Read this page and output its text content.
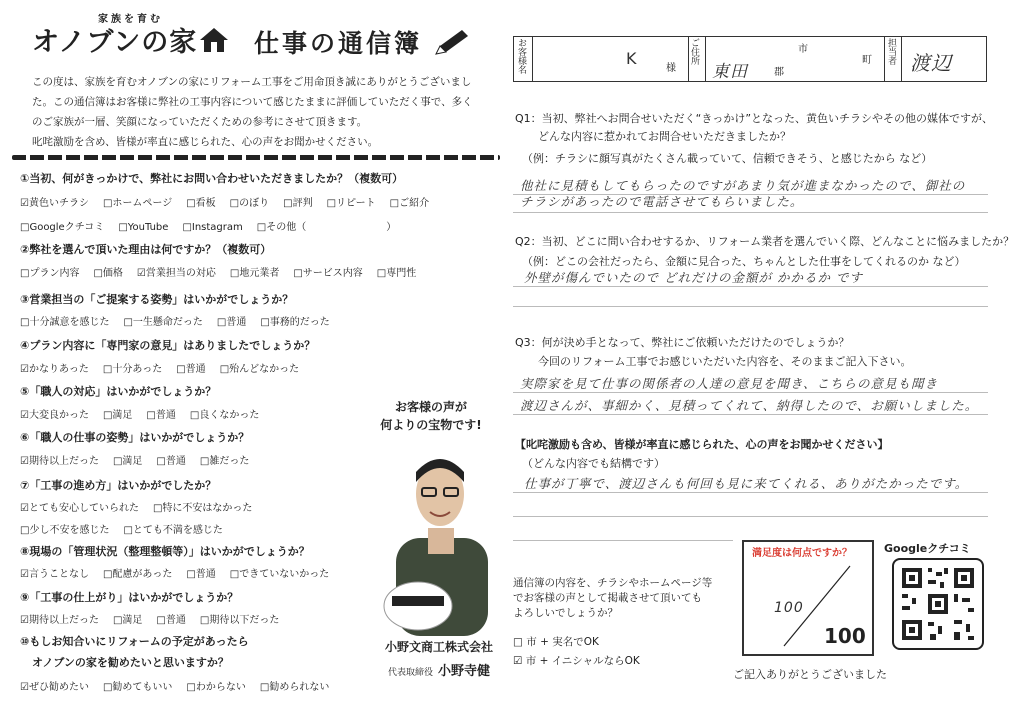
家族を育む
オノブンの家	仕事の通信簿
この度は、家族を育むオノブンの家にリフォーム工事をご用命頂き誠にありがとうございまし
た。この通信簿はお客様に弊社の工事内容について感じたままに評価していただく事で、多く
のご家族が一層、笑顔になっていただくための参考にさせて頂きます。
叱咤激励を含め、皆様が率直に感じられた、心の声をお聞かせください。
①当初、何がきっかけで、弊社にお問い合わせいただきましたか？（複数可）
☑黄色いチラシ □ホームページ □看板 □のぼり □評判 □リピート □ご紹介
□Googleクチコミ □YouTube □Instagram □その他（　　　　　　　　）
②弊社を選んで頂いた理由は何ですか？（複数可）
□プラン内容 □価格 ☑営業担当の対応 □地元業者 □サービス内容 □専門性
③営業担当の「ご提案する姿勢」はいかがでしょうか？
□十分誠意を感じた □一生懸命だった □普通 □事務的だった
④プラン内容に「専門家の意見」はありましたでしょうか？
☑かなりあった □十分あった □普通 □殆んどなかった
⑤「職人の対応」はいかがでしょうか？
☑大変良かった □満足 □普通 □良くなかった
⑥「職人の仕事の姿勢」はいかがでしょうか？
☑期待以上だった □満足 □普通 □雑だった
⑦「工事の進め方」はいかがでしたか？
☑とても安心していられた □特に不安はなかった
□少し不安を感じた □とても不満を感じた
⑧現場の「管理状況（整理整頓等）」はいかがでしょうか？
☑言うことなし □配慮があった □普通 □できていないかった
⑨「工事の仕上がり」はいかがでしょうか？
☑期待以上だった □満足 □普通 □期待以下だった
⑩もしお知合いにリフォームの予定があったら
オノブンの家を勧めたいと思いますか？
☑ぜひ勧めたい □勧めてもいい □わからない □勧められない
お客様の声が
何よりの宝物です!
小野文商工株式会社
代表取締役 小野寺健
お客様名	K
様
ご住所	市
東田	郡
町 担当者 渡辺
Q1：当初、弊社へお問合せいただく“きっかけ”となった、黄色いチラシやその他の媒体ですが、
どんな内容に惹かれてお問合せいただきましたか？
（例：チラシに顔写真がたくさん載っていて、信頼できそう、と感じたから など）
他社に見積もしてもらったのですがあまり気が進まなかったので、御社の
チラシがあったので電話させてもらいました。
Q2：当初、どこに問い合わせするか、リフォーム業者を選んでいく際、どんなことに悩みましたか？
（例：どこの会社だったら、金額に見合った、ちゃんとした仕事をしてくれるのか など）
外壁が傷んでいたので どれだけの金額が かかるか です
Q3：何が決め手となって、弊社にご依頼いただけたのでしょうか？
今回のリフォーム工事でお感じいただいた内容を、そのままご記入下さい。
実際家を見て仕事の関係者の人達の意見を聞き、こちらの意見も聞き
渡辺さんが、事細かく、見積ってくれて、納得したので、お願いしました。
【叱咤激励も含め、皆様が率直に感じられた、心の声をお聞かせください】
（どんな内容でも結構です）
仕事が丁寧で、渡辺さんも何回も見に来てくれる、ありがたかったです。
通信簿の内容を、チラシやホームページ等
でお客様の声として掲載させて頂いても
よろしいでしょうか？
□ 市 + 実名でOK
☑ 市 + イニシャルならOK
満足度は何点ですか？
100
100
Googleクチコミ
ご記入ありがとうございました
